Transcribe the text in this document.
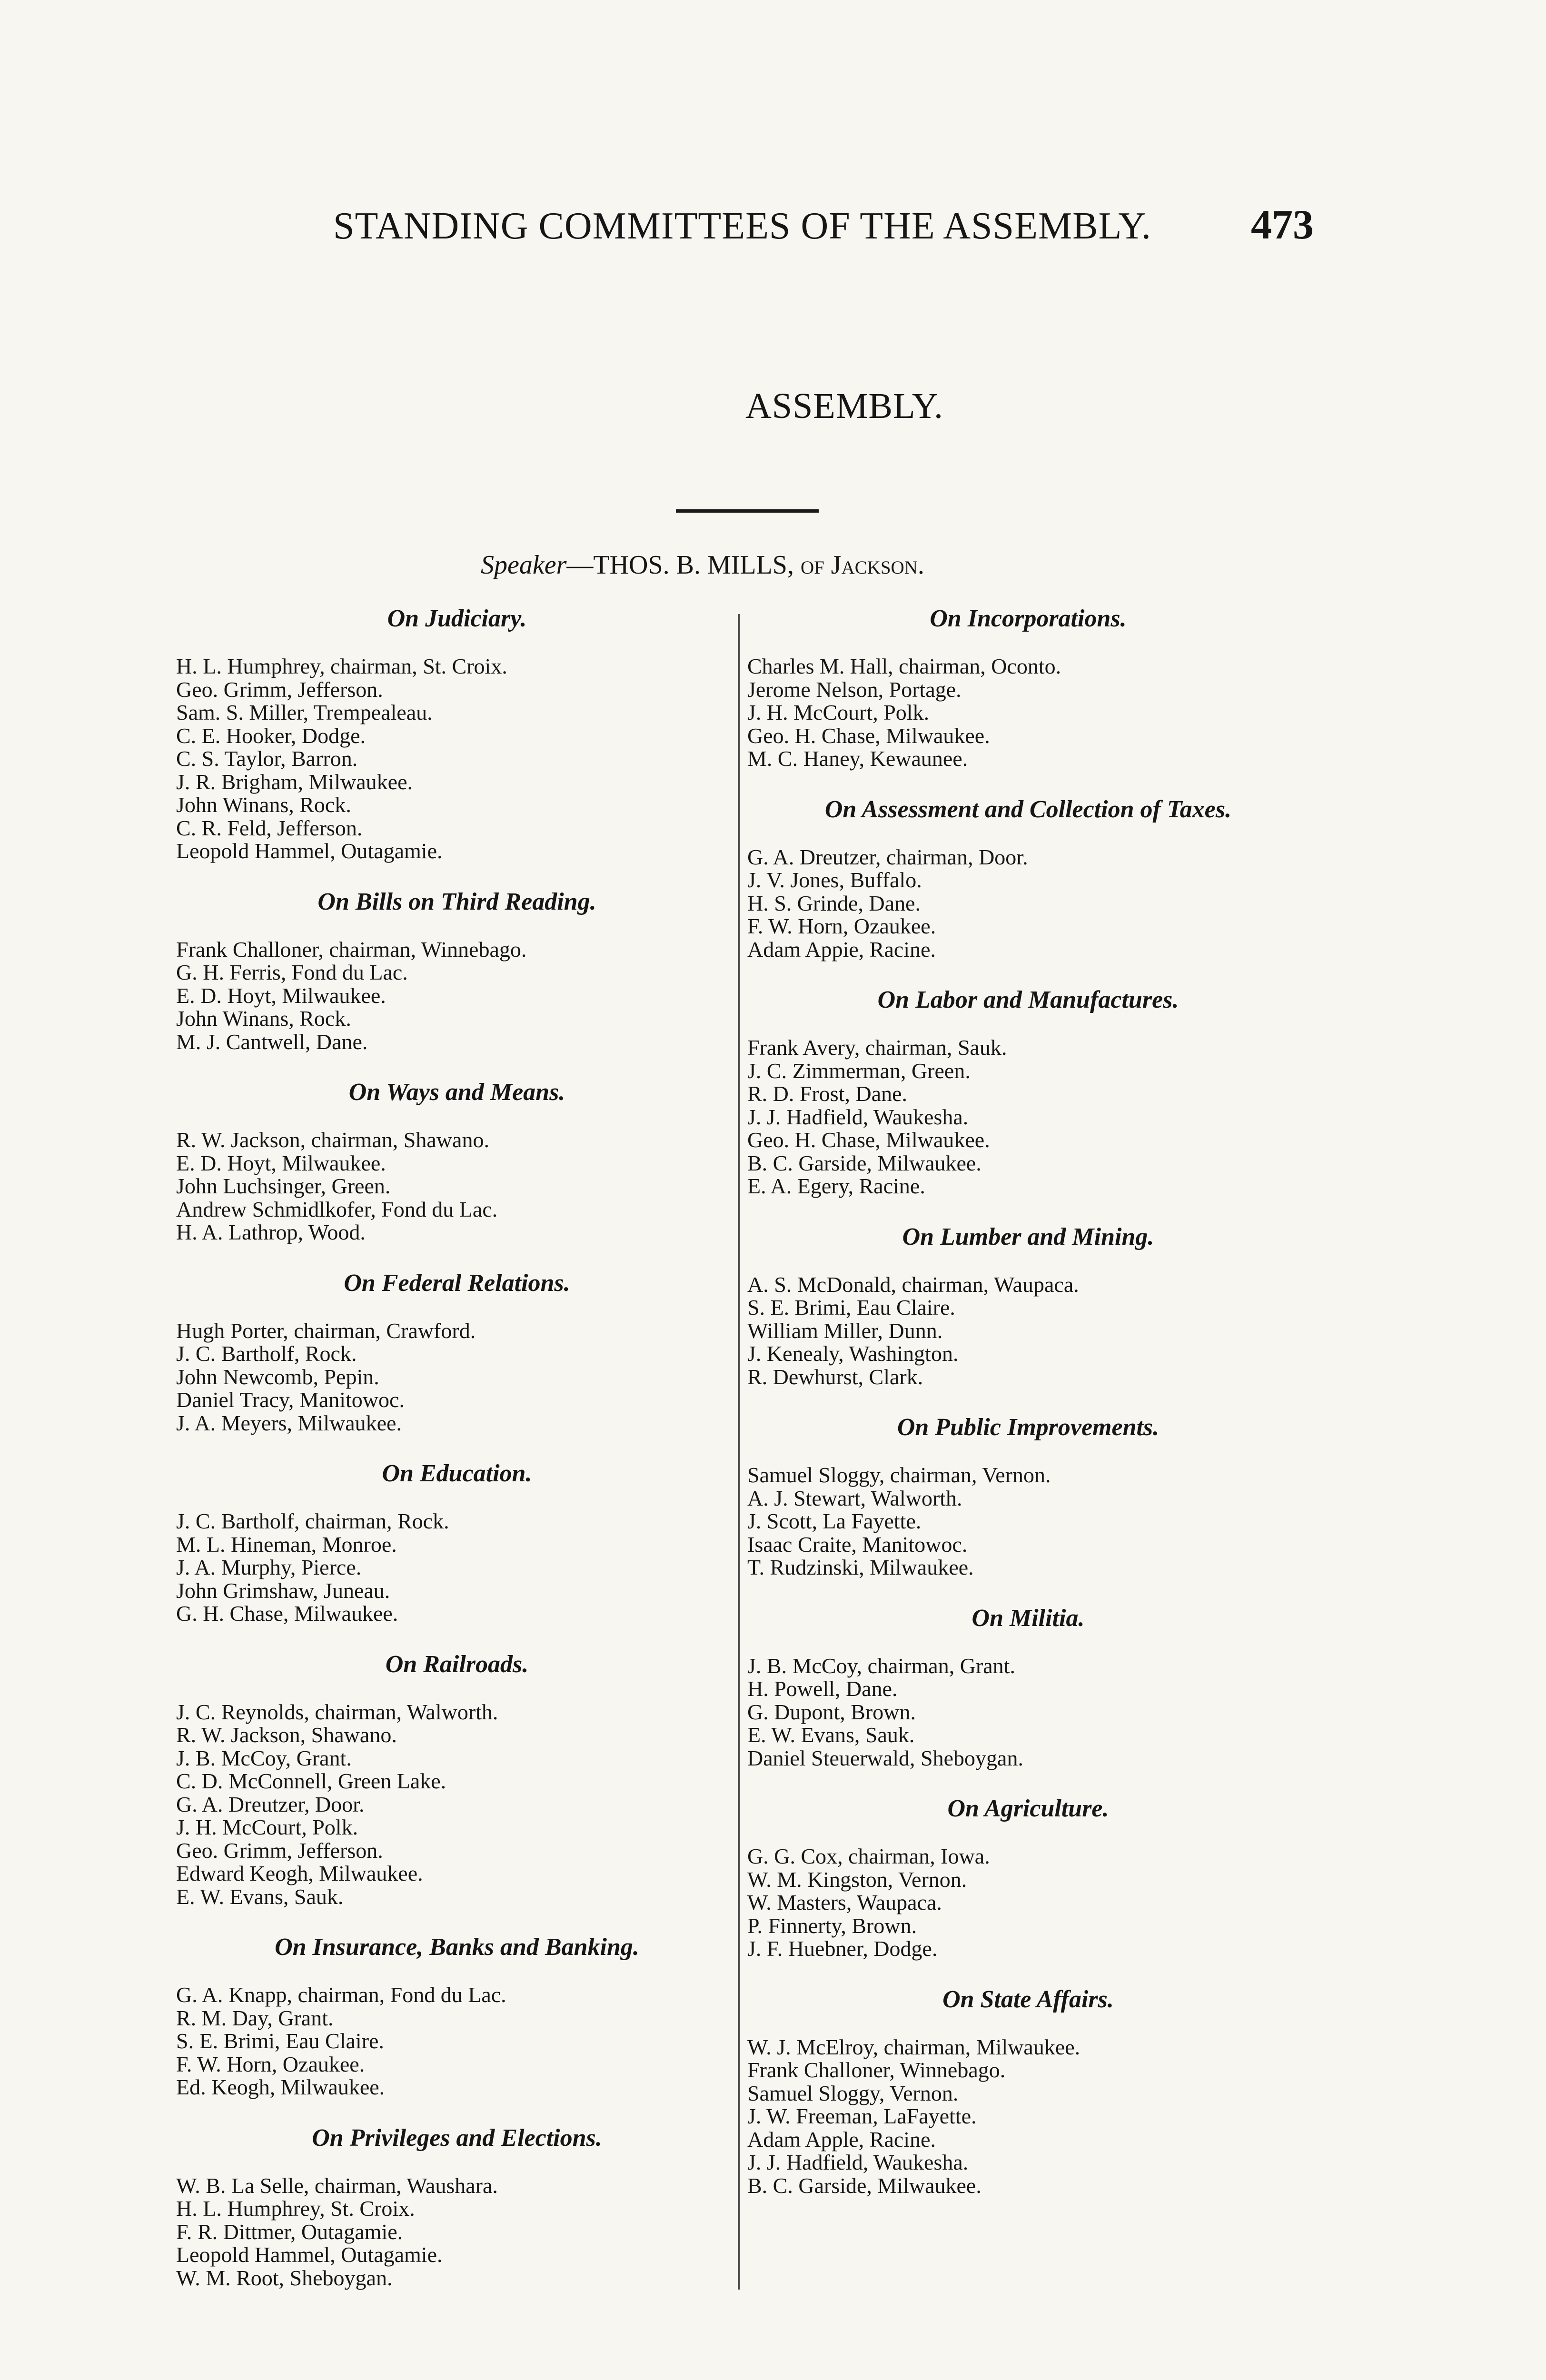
STANDING COMMITTEES OF THE ASSEMBLY. 473
ASSEMBLY.
Speaker—THOS. B. MILLS, of Jackson.
On Judiciary.
H. L. Humphrey, chairman, St. Croix.
Geo. Grimm, Jefferson.
Sam. S. Miller, Trempealeau.
C. E. Hooker, Dodge.
C. S. Taylor, Barron.
J. R. Brigham, Milwaukee.
John Winans, Rock.
C. R. Feld, Jefferson.
Leopold Hammel, Outagamie.
On Bills on Third Reading.
Frank Challoner, chairman, Winnebago.
G. H. Ferris, Fond du Lac.
E. D. Hoyt, Milwaukee.
John Winans, Rock.
M. J. Cantwell, Dane.
On Ways and Means.
R. W. Jackson, chairman, Shawano.
E. D. Hoyt, Milwaukee.
John Luchsinger, Green.
Andrew Schmidlkofer, Fond du Lac.
H. A. Lathrop, Wood.
On Federal Relations.
Hugh Porter, chairman, Crawford.
J. C. Bartholf, Rock.
John Newcomb, Pepin.
Daniel Tracy, Manitowoc.
J. A. Meyers, Milwaukee.
On Education.
J. C. Bartholf, chairman, Rock.
M. L. Hineman, Monroe.
J. A. Murphy, Pierce.
John Grimshaw, Juneau.
G. H. Chase, Milwaukee.
On Railroads.
J. C. Reynolds, chairman, Walworth.
R. W. Jackson, Shawano.
J. B. McCoy, Grant.
C. D. McConnell, Green Lake.
G. A. Dreutzer, Door.
J. H. McCourt, Polk.
Geo. Grimm, Jefferson.
Edward Keogh, Milwaukee.
E. W. Evans, Sauk.
On Insurance, Banks and Banking.
G. A. Knapp, chairman, Fond du Lac.
R. M. Day, Grant.
S. E. Brimi, Eau Claire.
F. W. Horn, Ozaukee.
Ed. Keogh, Milwaukee.
On Privileges and Elections.
W. B. La Selle, chairman, Waushara.
H. L. Humphrey, St. Croix.
F. R. Dittmer, Outagamie.
Leopold Hammel, Outagamie.
W. M. Root, Sheboygan.
On Incorporations.
Charles M. Hall, chairman, Oconto.
Jerome Nelson, Portage.
J. H. McCourt, Polk.
Geo. H. Chase, Milwaukee.
M. C. Haney, Kewaunee.
On Assessment and Collection of Taxes.
G. A. Dreutzer, chairman, Door.
J. V. Jones, Buffalo.
H. S. Grinde, Dane.
F. W. Horn, Ozaukee.
Adam Appie, Racine.
On Labor and Manufactures.
Frank Avery, chairman, Sauk.
J. C. Zimmerman, Green.
R. D. Frost, Dane.
J. J. Hadfield, Waukesha.
Geo. H. Chase, Milwaukee.
B. C. Garside, Milwaukee.
E. A. Egery, Racine.
On Lumber and Mining.
A. S. McDonald, chairman, Waupaca.
S. E. Brimi, Eau Claire.
William Miller, Dunn.
J. Kenealy, Washington.
R. Dewhurst, Clark.
On Public Improvements.
Samuel Sloggy, chairman, Vernon.
A. J. Stewart, Walworth.
J. Scott, La Fayette.
Isaac Craite, Manitowoc.
T. Rudzinski, Milwaukee.
On Militia.
J. B. McCoy, chairman, Grant.
H. Powell, Dane.
G. Dupont, Brown.
E. W. Evans, Sauk.
Daniel Steuerwald, Sheboygan.
On Agriculture.
G. G. Cox, chairman, Iowa.
W. M. Kingston, Vernon.
W. Masters, Waupaca.
P. Finnerty, Brown.
J. F. Huebner, Dodge.
On State Affairs.
W. J. McElroy, chairman, Milwaukee.
Frank Challoner, Winnebago.
Samuel Sloggy, Vernon.
J. W. Freeman, LaFayette.
Adam Apple, Racine.
J. J. Hadfield, Waukesha.
B. C. Garside, Milwaukee.
